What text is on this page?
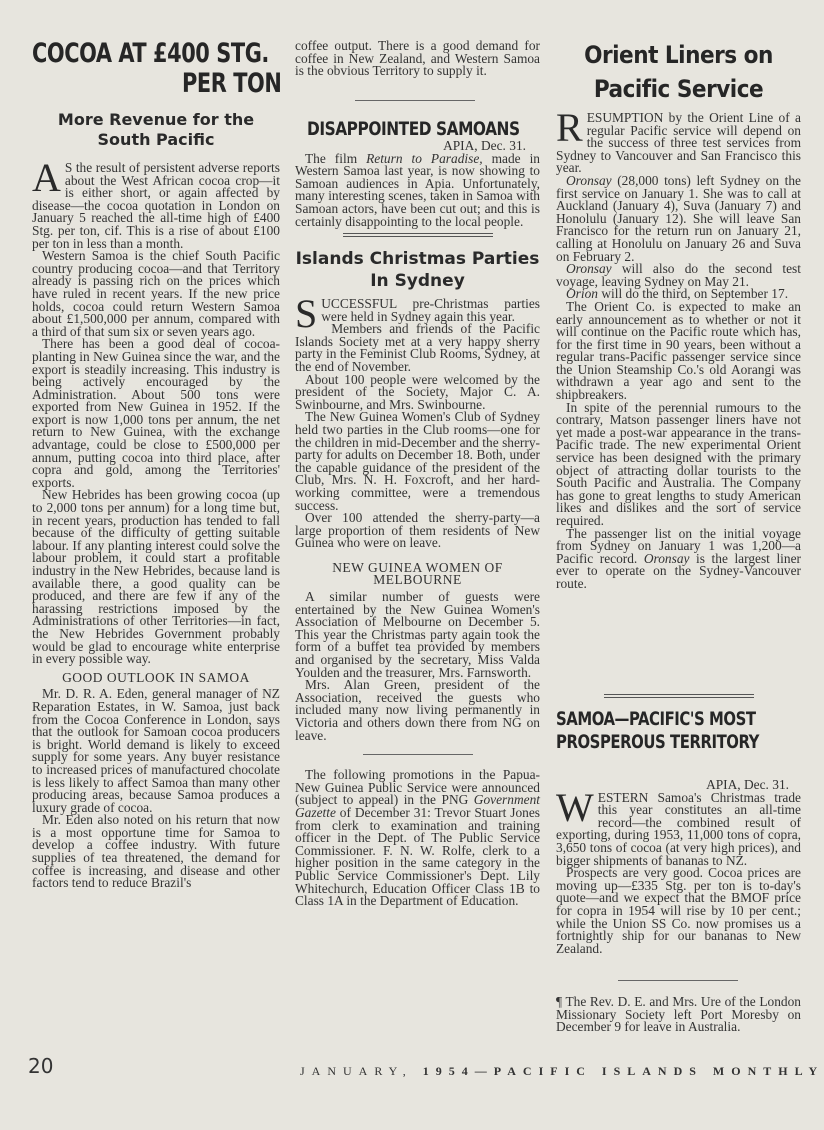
COCOA AT £400 STG.
PER TON
More Revenue for the South Pacific

A S the result of persistent adverse reports about the West African cocoa crop—it is either short, or again affected by disease—the cocoa quotation in London on January 5 reached the all-time high of £400 Stg. per ton, cif. This is a rise of about £100 per ton in less than a month.

Western Samoa is the chief South Pacific country producing cocoa—and that Territory already is passing rich on the prices which have ruled in recent years. If the new price holds, cocoa could return Western Samoa about £1,500,000 per annum, compared with a third of that sum six or seven years ago.

There has been a good deal of cocoa-planting in New Guinea since the war, and the export is steadily increasing. This industry is being actively encouraged by the Administration. About 500 tons were exported from New Guinea in 1952. If the export is now 1,000 tons per annum, the net return to New Guinea, with the exchange advantage, could be close to £500,000 per annum, putting cocoa into third place, after copra and gold, among the Territories' exports.

New Hebrides has been growing cocoa (up to 2,000 tons per annum) for a long time but, in recent years, production has tended to fall because of the difficulty of getting suitable labour. If any planting interest could solve the labour problem, it could start a profitable industry in the New Hebrides, because land is available there, a good quality can be produced, and there are few if any of the harassing restrictions imposed by the Administrations of other Territories—in fact, the New Hebrides Government probably would be glad to encourage white enterprise in every possible way.

GOOD OUTLOOK IN SAMOA

Mr. D. R. A. Eden, general manager of NZ Reparation Estates, in W. Samoa, just back from the Cocoa Conference in London, says that the outlook for Samoan cocoa producers is bright. World demand is likely to exceed supply for some years. Any buyer resistance to increased prices of manufactured chocolate is less likely to affect Samoa than many other producing areas, because Samoa produces a luxury grade of cocoa.

Mr. Eden also noted on his return that now is a most opportune time for Samoa to develop a coffee industry. With future supplies of tea threatened, the demand for coffee is increasing, and disease and other factors tend to reduce Brazil's

coffee output. There is a good demand for coffee in New Zealand, and Western Samoa is the obvious Territory to supply it.

DISAPPOINTED SAMOANS
APIA, Dec. 31.

The film Return to Paradise, made in Western Samoa last year, is now showing to Samoan audiences in Apia. Unfortunately, many interesting scenes, taken in Samoa with Samoan actors, have been cut out; and this is certainly disappointing to the local people.

Islands Christmas Parties In Sydney

SUCCESSFUL pre-Christmas parties were held in Sydney again this year.

Members and friends of the Pacific Islands Society met at a very happy sherry party in the Feminist Club Rooms, Sydney, at the end of November.

About 100 people were welcomed by the president of the Society, Major C. A. Swinbourne, and Mrs. Swinbourne.

The New Guinea Women's Club of Sydney held two parties in the Club rooms—one for the children in mid-December and the sherry-party for adults on December 18. Both, under the capable guidance of the president of the Club, Mrs. N. H. Foxcroft, and her hard-working committee, were a tremendous success.

Over 100 attended the sherry-party—a large proportion of them residents of New Guinea who were on leave.

NEW GUINEA WOMEN OF MELBOURNE

A similar number of guests were entertained by the New Guinea Women's Association of Melbourne on December 5. This year the Christmas party again took the form of a buffet tea provided by members and organised by the secretary, Miss Valda Youlden and the treasurer, Mrs. Farnsworth.

Mrs. Alan Green, president of the Association, received the guests who included many now living permanently in Victoria and others down there from NG on leave.

The following promotions in the Papua-New Guinea Public Service were announced (subject to appeal) in the PNG Government Gazette of December 31: Trevor Stuart Jones from clerk to examination and training officer in the Dept. of The Public Service Commissioner. F. N. W. Rolfe, clerk to a higher position in the same category in the Public Service Commissioner's Dept. Lily Whitechurch, Education Officer Class 1B to Class 1A in the Department of Education.

Orient Liners on Pacific Service

RESUMPTION by the Orient Line of a regular Pacific service will depend on the success of three test services from Sydney to Vancouver and San Francisco this year.

Oronsay (28,000 tons) left Sydney on the first service on January 1. She was to call at Auckland (January 4), Suva (January 7) and Honolulu (January 12). She will leave San Francisco for the return run on January 21, calling at Honolulu on January 26 and Suva on February 2.

Oronsay will also do the second test voyage, leaving Sydney on May 21.

Orion will do the third, on September 17.

The Orient Co. is expected to make an early announcement as to whether or not it will continue on the Pacific route which has, for the first time in 90 years, been without a regular trans-Pacific passenger service since the Union Steamship Co.'s old Aorangi was withdrawn a year ago and sent to the shipbreakers.

In spite of the perennial rumours to the contrary, Matson passenger liners have not yet made a post-war appearance in the trans-Pacific trade. The new experimental Orient service has been designed with the primary object of attracting dollar tourists to the South Pacific and Australia. The Company has gone to great lengths to study American likes and dislikes and the sort of service required.

The passenger list on the initial voyage from Sydney on January 1 was 1,200—a Pacific record. Oronsay is the largest liner ever to operate on the Sydney-Vancouver route.

SAMOA—PACIFIC'S MOST PROSPEROUS TERRITORY
APIA, Dec. 31.

WESTERN Samoa's Christmas trade this year constitutes an all-time record—the combined result of exporting, during 1953, 11,000 tons of copra, 3,650 tons of cocoa (at very high prices), and bigger shipments of bananas to NZ.

Prospects are very good. Cocoa prices are moving up—£335 Stg. per ton is to-day's quote—and we expect that the BMOF price for copra in 1954 will rise by 10 per cent.; while the Union SS Co. now promises us a fortnightly ship for our bananas to New Zealand.

¶ The Rev. D. E. and Mrs. Ure of the London Missionary Society left Port Moresby on December 9 for leave in Australia.

20	JANUARY, 1954—PACIFIC ISLANDS MONTHLY
